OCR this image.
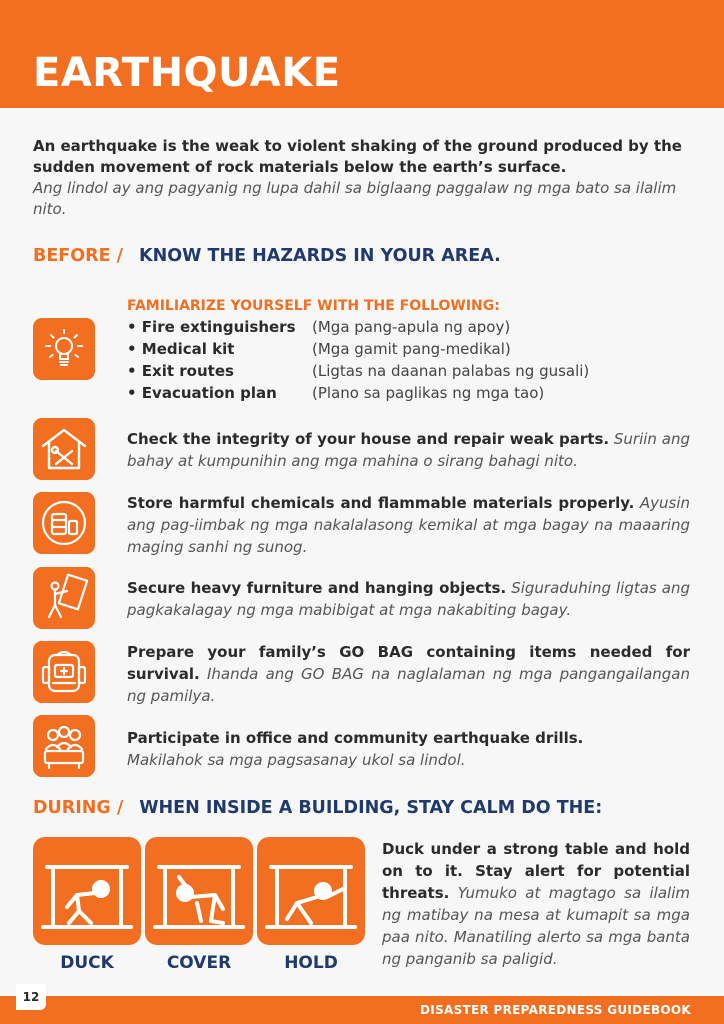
EARTHQUAKE
An earthquake is the weak to violent shaking of the ground produced by the sudden movement of rock materials below the earth’s surface.
Ang lindol ay ang pagyanig ng lupa dahil sa biglaang paggalaw ng mga bato sa ilalim nito.
BEFORE / KNOW THE HAZARDS IN YOUR AREA.
FAMILIARIZE YOURSELF WITH THE FOLLOWING:
• Fire extinguishers	(Mga pang-apula ng apoy)
• Medical kit	(Mga gamit pang-medikal)
• Exit routes	(Ligtas na daanan palabas ng gusali)
• Evacuation plan	(Plano sa paglikas ng mga tao)
Check the integrity of your house and repair weak parts. Suriin ang bahay at kumpunihin ang mga mahina o sirang bahagi nito.
Store harmful chemicals and flammable materials properly. Ayusin ang pag-iimbak ng mga nakalalasong kemikal at mga bagay na maaaring maging sanhi ng sunog.
Secure heavy furniture and hanging objects. Siguraduhing ligtas ang pagkakalagay ng mga mabibigat at mga nakabiting bagay.
Prepare your family’s GO BAG containing items needed for survival. Ihanda ang GO BAG na naglalaman ng mga pangangailangan ng pamilya.
Participate in office and community earthquake drills.
Makilahok sa mga pagsasanay ukol sa lindol.
DURING / WHEN INSIDE A BUILDING, STAY CALM DO THE:
DUCK	COVER	HOLD
Duck under a strong table and hold on to it. Stay alert for potential threats. Yumuko at magtago sa ilalim ng matibay na mesa at kumapit sa mga paa nito. Manatiling alerto sa mga banta ng panganib sa paligid.
12
DISASTER PREPAREDNESS GUIDEBOOK
